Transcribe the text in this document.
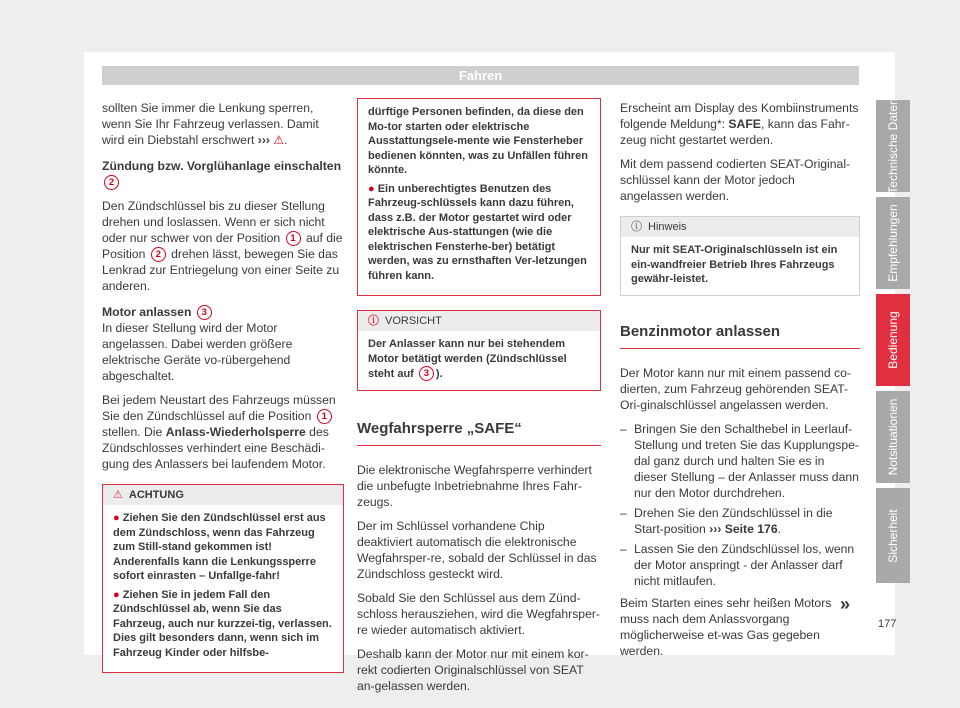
Fahren

sollten Sie immer die Lenkung sperren, wenn Sie Ihr Fahrzeug verlassen. Damit wird ein Diebstahl erschwert ››› ⚠.

Zündung bzw. Vorglühanlage einschalten 2

Den Zündschlüssel bis zu dieser Stellung drehen und loslassen. Wenn er sich nicht oder nur schwer von der Position 1 auf die Position 2 drehen lässt, bewegen Sie das Lenkrad zur Entriegelung von einer Seite zu anderen.

Motor anlassen 3

In dieser Stellung wird der Motor angelassen. Dabei werden größere elektrische Geräte vo-rübergehend abgeschaltet.

Bei jedem Neustart des Fahrzeugs müssen Sie den Zündschlüssel auf die Position 1 stellen. Die Anlass-Wiederholsperre des Zündschlosses verhindert eine Beschädi-gung des Anlassers bei laufendem Motor.

⚠ ACHTUNG

● Ziehen Sie den Zündschlüssel erst aus dem Zündschloss, wenn das Fahrzeug zum Still-stand gekommen ist! Anderenfalls kann die Lenkungssperre sofort einrasten – Unfallge-fahr!

● Ziehen Sie in jedem Fall den Zündschlüssel ab, wenn Sie das Fahrzeug, auch nur kurzzei-tig, verlassen. Dies gilt besonders dann, wenn sich im Fahrzeug Kinder oder hilfsbe-

dürftige Personen befinden, da diese den Mo-tor starten oder elektrische Ausstattungsele-mente wie Fensterheber bedienen könnten, was zu Unfällen führen könnte.

● Ein unberechtigtes Benutzen des Fahrzeug-schlüssels kann dazu führen, dass z.B. der Motor gestartet wird oder elektrische Aus-stattungen (wie die elektrischen Fensterhe-ber) betätigt werden, was zu ernsthaften Ver-letzungen führen kann.

ⓘ VORSICHT

Der Anlasser kann nur bei stehendem Motor betätigt werden (Zündschlüssel steht auf 3 ).

Wegfahrsperre „SAFE“

Die elektronische Wegfahrsperre verhindert die unbefugte Inbetriebnahme Ihres Fahr-zeugs.

Der im Schlüssel vorhandene Chip deaktiviert automatisch die elektronische Wegfahrsper-re, sobald der Schlüssel in das Zündschloss gesteckt wird.

Sobald Sie den Schlüssel aus dem Zünd-schloss herausziehen, wird die Wegfahrsper-re wieder automatisch aktiviert.

Deshalb kann der Motor nur mit einem kor-rekt codierten Originalschlüssel von SEAT an-gelassen werden.

Erscheint am Display des Kombiinstruments folgende Meldung*: SAFE, kann das Fahr-zeug nicht gestartet werden.

Mit dem passend codierten SEAT-Original-schlüssel kann der Motor jedoch angelassen werden.

ⓘ Hinweis

Nur mit SEAT-Originalschlüsseln ist ein ein-wandfreier Betrieb Ihres Fahrzeugs gewähr-leistet.

Benzinmotor anlassen

Der Motor kann nur mit einem passend co-dierten, zum Fahrzeug gehörenden SEAT-Ori-ginalschlüssel angelassen werden.

– Bringen Sie den Schalthebel in Leerlauf-Stellung und treten Sie das Kupplungspe-dal ganz durch und halten Sie es in dieser Stellung – der Anlasser muss dann nur den Motor durchdrehen.
– Drehen Sie den Zündschlüssel in die Start-position ››› Seite 176.
– Lassen Sie den Zündschlüssel los, wenn der Motor anspringt - der Anlasser darf nicht mitlaufen.

Beim Starten eines sehr heißen Motors muss nach dem Anlassvorgang möglicherweise et-was Gas gegeben werden.

»
Technische Daten
Empfehlungen
Bedienung
Notsituationen
Sicherheit
177
